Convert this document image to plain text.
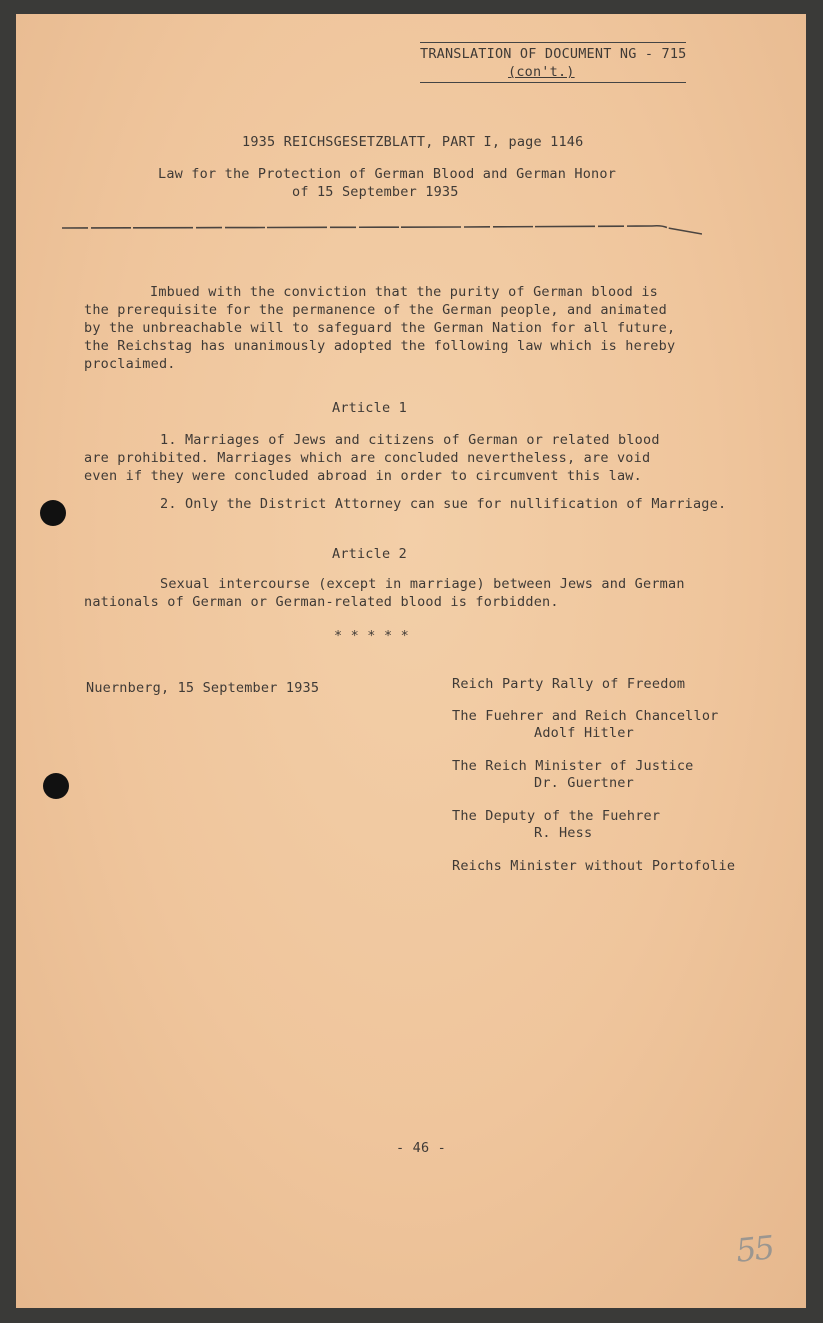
TRANSLATION OF DOCUMENT NG - 715
(con't.)
1935 REICHSGESETZBLATT, PART I, page 1146
Law for the Protection of German Blood and German Honor
of 15 September 1935
Imbued with the conviction that the purity of German blood is
the prerequisite for the permanence of the German people, and animated
by the unbreachable will to safeguard the German Nation for all future,
the Reichstag has unanimously adopted the following law which is hereby
proclaimed.
Article 1
1. Marriages of Jews and citizens of German or related blood
are prohibited. Marriages which are concluded nevertheless, are void
even if they were concluded abroad in order to circumvent this law.
2. Only the District Attorney can sue for nullification of Marriage.
Article 2
Sexual intercourse (except in marriage) between Jews and German
nationals of German or German-related blood is forbidden.
* * * * *
Nuernberg, 15 September 1935	Reich Party Rally of Freedom
The Fuehrer and Reich Chancellor
Adolf Hitler
The Reich Minister of Justice
Dr. Guertner
The Deputy of the Fuehrer
R. Hess
Reichs Minister without Portofolie
- 46 -
55
